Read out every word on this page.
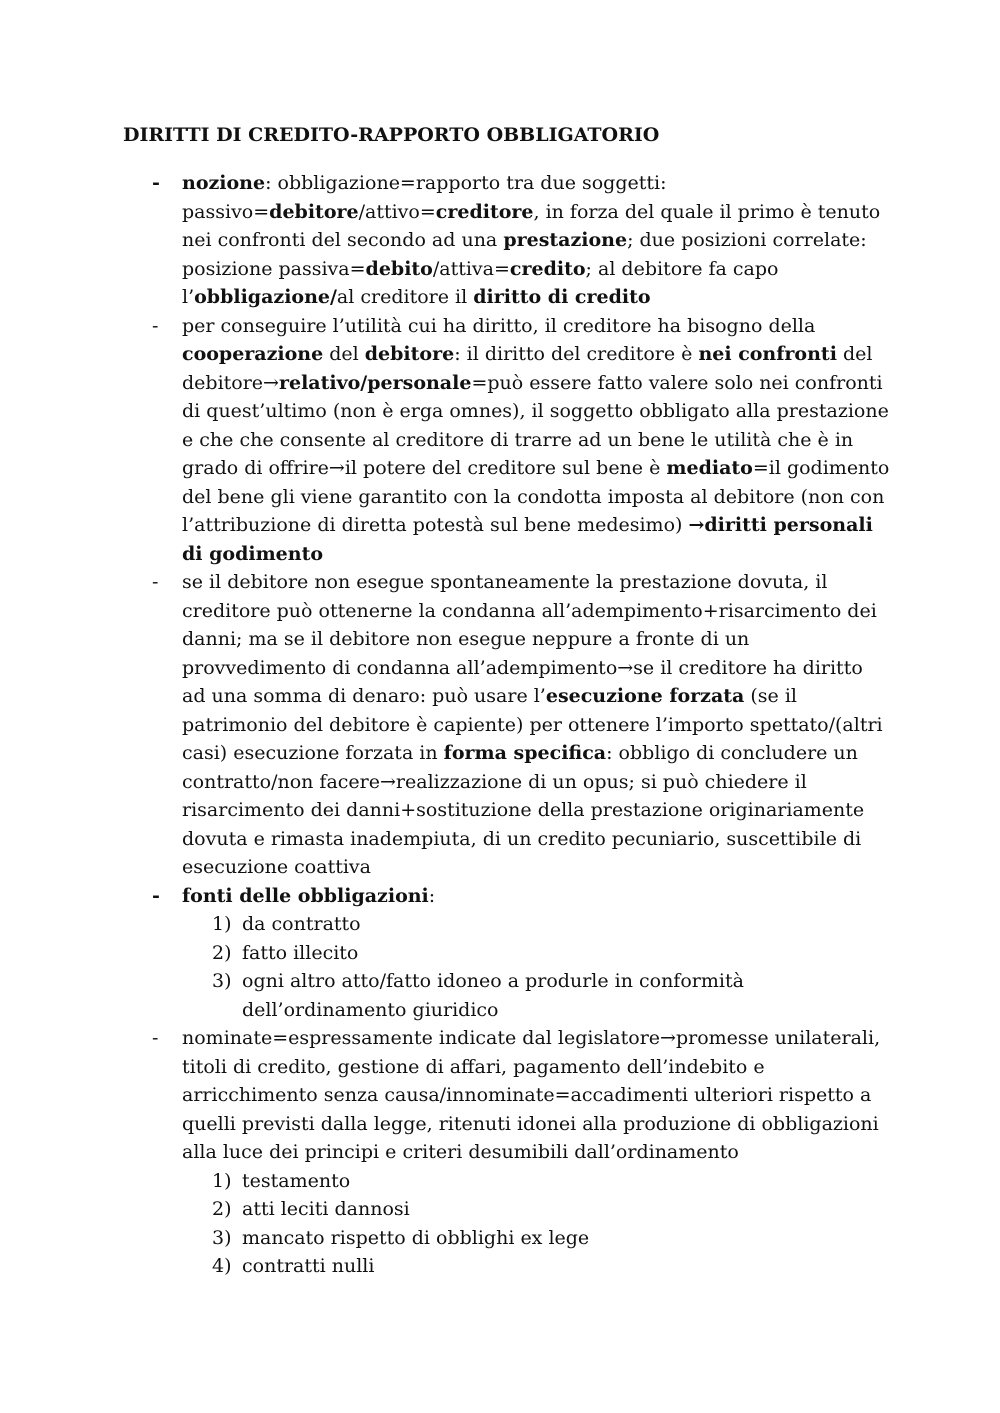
DIRITTI DI CREDITO-RAPPORTO OBBLIGATORIO
- nozione: obbligazione=rapporto tra due soggetti: passivo=debitore/attivo=creditore, in forza del quale il primo è tenuto nei confronti del secondo ad una prestazione; due posizioni correlate: posizione passiva=debito/attiva=credito; al debitore fa capo l’obbligazione/al creditore il diritto di credito

- per conseguire l’utilità cui ha diritto, il creditore ha bisogno della cooperazione del debitore: il diritto del creditore è nei confronti del debitore→relativo/personale=può essere fatto valere solo nei confronti di quest’ultimo (non è erga omnes), il soggetto obbligato alla prestazione e che che consente al creditore di trarre ad un bene le utilità che è in grado di offrire→il potere del creditore sul bene è mediato=il godimento del bene gli viene garantito con la condotta imposta al debitore (non con l’attribuzione di diretta potestà sul bene medesimo) →diritti personali di godimento

- se il debitore non esegue spontaneamente la prestazione dovuta, il creditore può ottenerne la condanna all’adempimento+risarcimento dei danni; ma se il debitore non esegue neppure a fronte di un provvedimento di condanna all’adempimento→se il creditore ha diritto ad una somma di denaro: può usare l’esecuzione forzata (se il patrimonio del debitore è capiente) per ottenere l’importo spettato/(altri casi) esecuzione forzata in forma specifica: obbligo di concludere un contratto/non facere→realizzazione di un opus; si può chiedere il risarcimento dei danni+sostituzione della prestazione originariamente dovuta e rimasta inadempiuta, di un credito pecuniario, suscettibile di esecuzione coattiva

- fonti delle obbligazioni:

1) da contratto
2) fatto illecito
3) ogni altro atto/fatto idoneo a produrle in conformità dell’ordinamento giuridico
- nominate=espressamente indicate dal legislatore→promesse unilaterali, titoli di credito, gestione di affari, pagamento dell’indebito e arricchimento senza causa/innominate=accadimenti ulteriori rispetto a quelli previsti dalla legge, ritenuti idonei alla produzione di obbligazioni alla luce dei principi e criteri desumibili dall’ordinamento

1) testamento
2) atti leciti dannosi
3) mancato rispetto di obblighi ex lege
4) contratti nulli
